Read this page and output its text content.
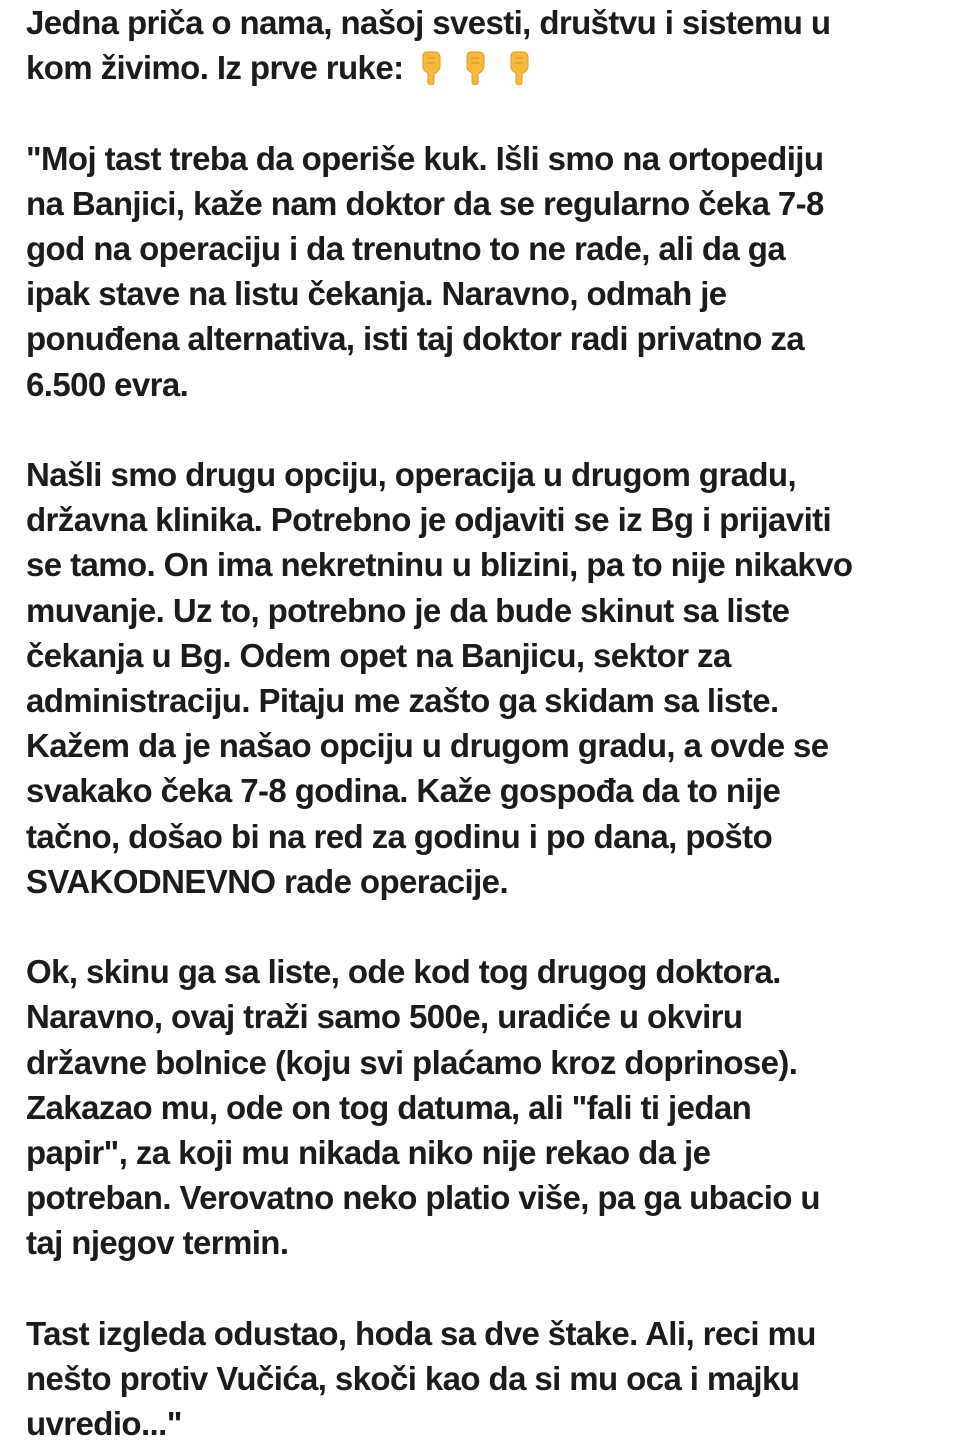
Jedna priča o nama, našoj svesti, društvu i sistemu u
kom živimo. Iz prve ruke:
"Moj tast treba da operiše kuk. Išli smo na ortopediju
na Banjici, kaže nam doktor da se regularno čeka 7-8
god na operaciju i da trenutno to ne rade, ali da ga
ipak stave na listu čekanja. Naravno, odmah je
ponuđena alternativa, isti taj doktor radi privatno za
6.500 evra.
Našli smo drugu opciju, operacija u drugom gradu,
državna klinika. Potrebno je odjaviti se iz Bg i prijaviti
se tamo. On ima nekretninu u blizini, pa to nije nikakvo
muvanje. Uz to, potrebno je da bude skinut sa liste
čekanja u Bg. Odem opet na Banjicu, sektor za
administraciju. Pitaju me zašto ga skidam sa liste.
Kažem da je našao opciju u drugom gradu, a ovde se
svakako čeka 7-8 godina. Kaže gospođa da to nije
tačno, došao bi na red za godinu i po dana, pošto
SVAKODNEVNO rade operacije.
Ok, skinu ga sa liste, ode kod tog drugog doktora.
Naravno, ovaj traži samo 500e, uradiće u okviru
državne bolnice (koju svi plaćamo kroz doprinose).
Zakazao mu, ode on tog datuma, ali "fali ti jedan
papir", za koji mu nikada niko nije rekao da je
potreban. Verovatno neko platio više, pa ga ubacio u
taj njegov termin.
Tast izgleda odustao, hoda sa dve štake. Ali, reci mu
nešto protiv Vučića, skoči kao da si mu oca i majku
uvredio..."
